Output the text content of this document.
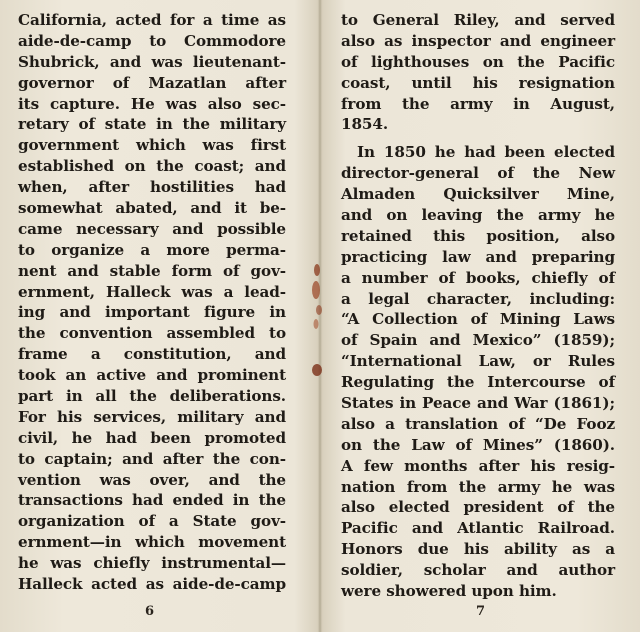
California, acted for a time as
aide-de-camp to Commodore
Shubrick, and was lieutenant-
governor of Mazatlan after
its capture. He was also sec-
retary of state in the military
government which was first
established on the coast; and
when, after hostilities had
somewhat abated, and it be-
came necessary and possible
to organize a more perma-
nent and stable form of gov-
ernment, Halleck was a lead-
ing and important figure in
the convention assembled to
frame a constitution, and
took an active and prominent
part in all the deliberations.
For his services, military and
civil, he had been promoted
to captain; and after the con-
vention was over, and the
transactions had ended in the
organization of a State gov-
ernment—in which movement
he was chiefly instrumental—
Halleck acted as aide-de-camp
6
to General Riley, and served
also as inspector and engineer
of lighthouses on the Pacific
coast, until his resignation
from the army in August,
1854.
In 1850 he had been elected
director-general of the New
Almaden Quicksilver Mine,
and on leaving the army he
retained this position, also
practicing law and preparing
a number of books, chiefly of
a legal character, including:
“A Collection of Mining Laws
of Spain and Mexico” (1859);
“International Law, or Rules
Regulating the Intercourse of
States in Peace and War (1861);
also a translation of “De Fooz
on the Law of Mines” (1860).
A few months after his resig-
nation from the army he was
also elected president of the
Pacific and Atlantic Railroad.
Honors due his ability as a
soldier, scholar and author
were showered upon him.
7
